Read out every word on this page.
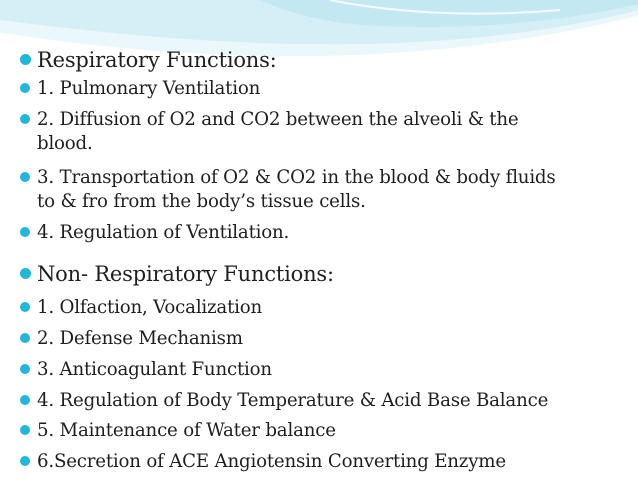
Respiratory Functions:
1. Pulmonary Ventilation
2. Diffusion of O2 and CO2 between the alveoli & the
blood.
3. Transportation of O2 & CO2 in the blood & body fluids
to & fro from the body’s tissue cells.
4. Regulation of Ventilation.
Non- Respiratory Functions:
1. Olfaction, Vocalization
2. Defense Mechanism
3. Anticoagulant Function
4. Regulation of Body Temperature & Acid Base Balance
5. Maintenance of Water balance
6.Secretion of ACE Angiotensin Converting Enzyme
